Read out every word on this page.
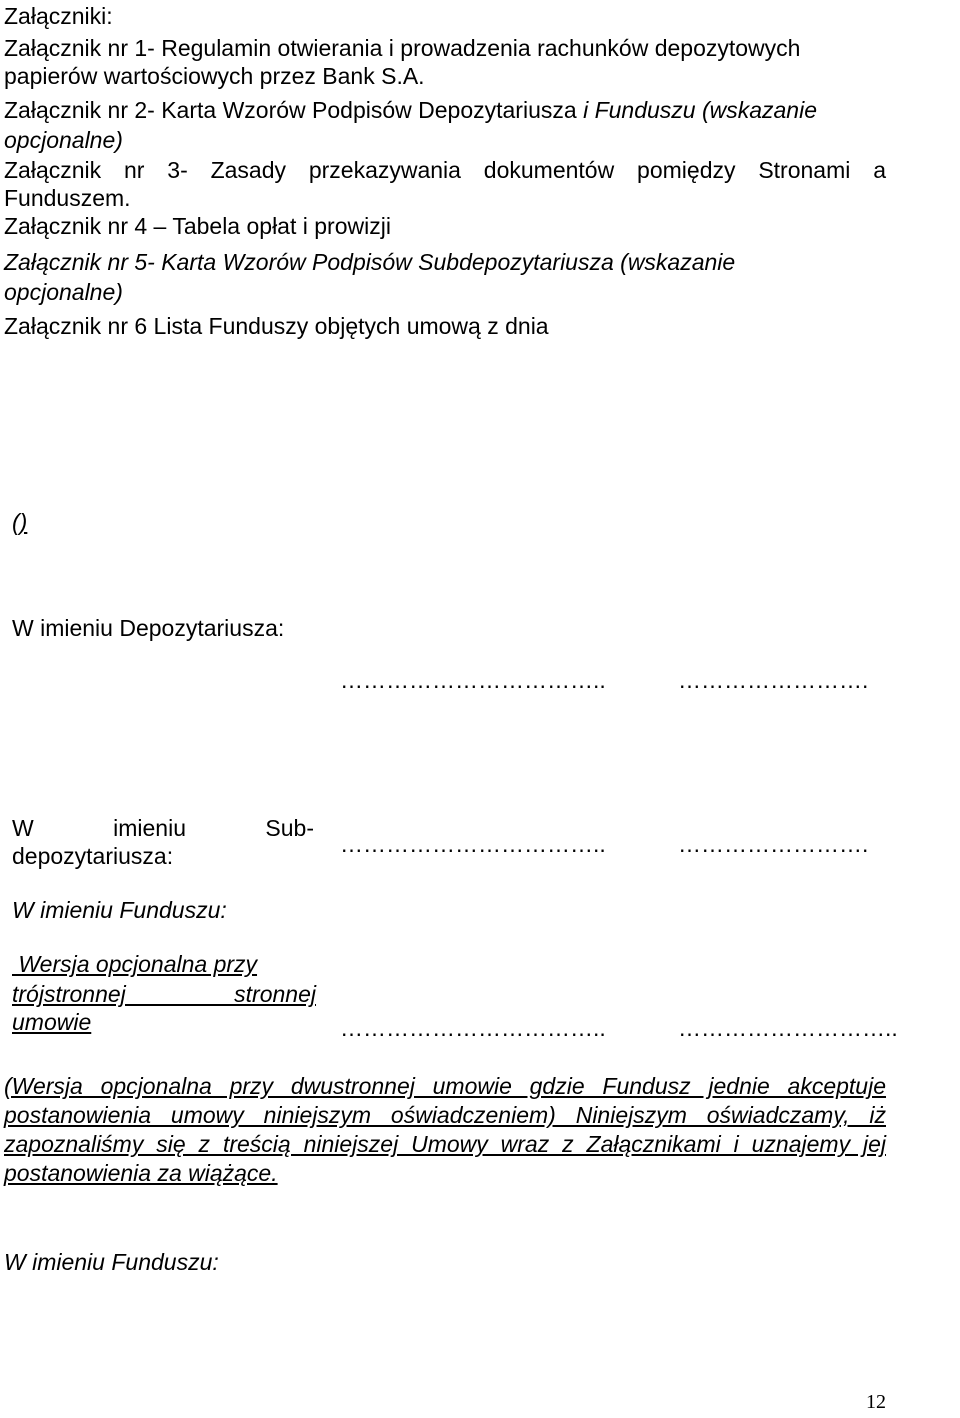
Załączniki:
Załącznik nr 1- Regulamin otwierania i prowadzenia rachunków depozytowych
papierów wartościowych przez Bank S.A.
Załącznik nr 2- Karta Wzorów Podpisów Depozytariusza i Funduszu (wskazanie
opcjonalne)
Załącznik nr 3- Zasady przekazywania dokumentów pomiędzy Stronami a
Funduszem.
Załącznik nr 4 – Tabela opłat i prowizji
Załącznik nr 5- Karta Wzorów Podpisów Subdepozytariusza (wskazanie
opcjonalne)
Załącznik nr 6 Lista Funduszy objętych umową z dnia
()
W imieniu Depozytariusza:
……………………………..	…………………….
W imieniu Sub-
depozytariusza:	……………………………..	…………………….
W imieniu Funduszu:
Wersja opcjonalna przy
trójstronnej stronnej
umowie	……………………………..	………………………..
(Wersja opcjonalna przy dwustronnej umowie gdzie Fundusz jednie akceptuje
postanowienia umowy niniejszym oświadczeniem) Niniejszym oświadczamy, iż
zapoznaliśmy się z treścią niniejszej Umowy wraz z Załącznikami i uznajemy jej
postanowienia za wiążące.
W imieniu Funduszu:
12
